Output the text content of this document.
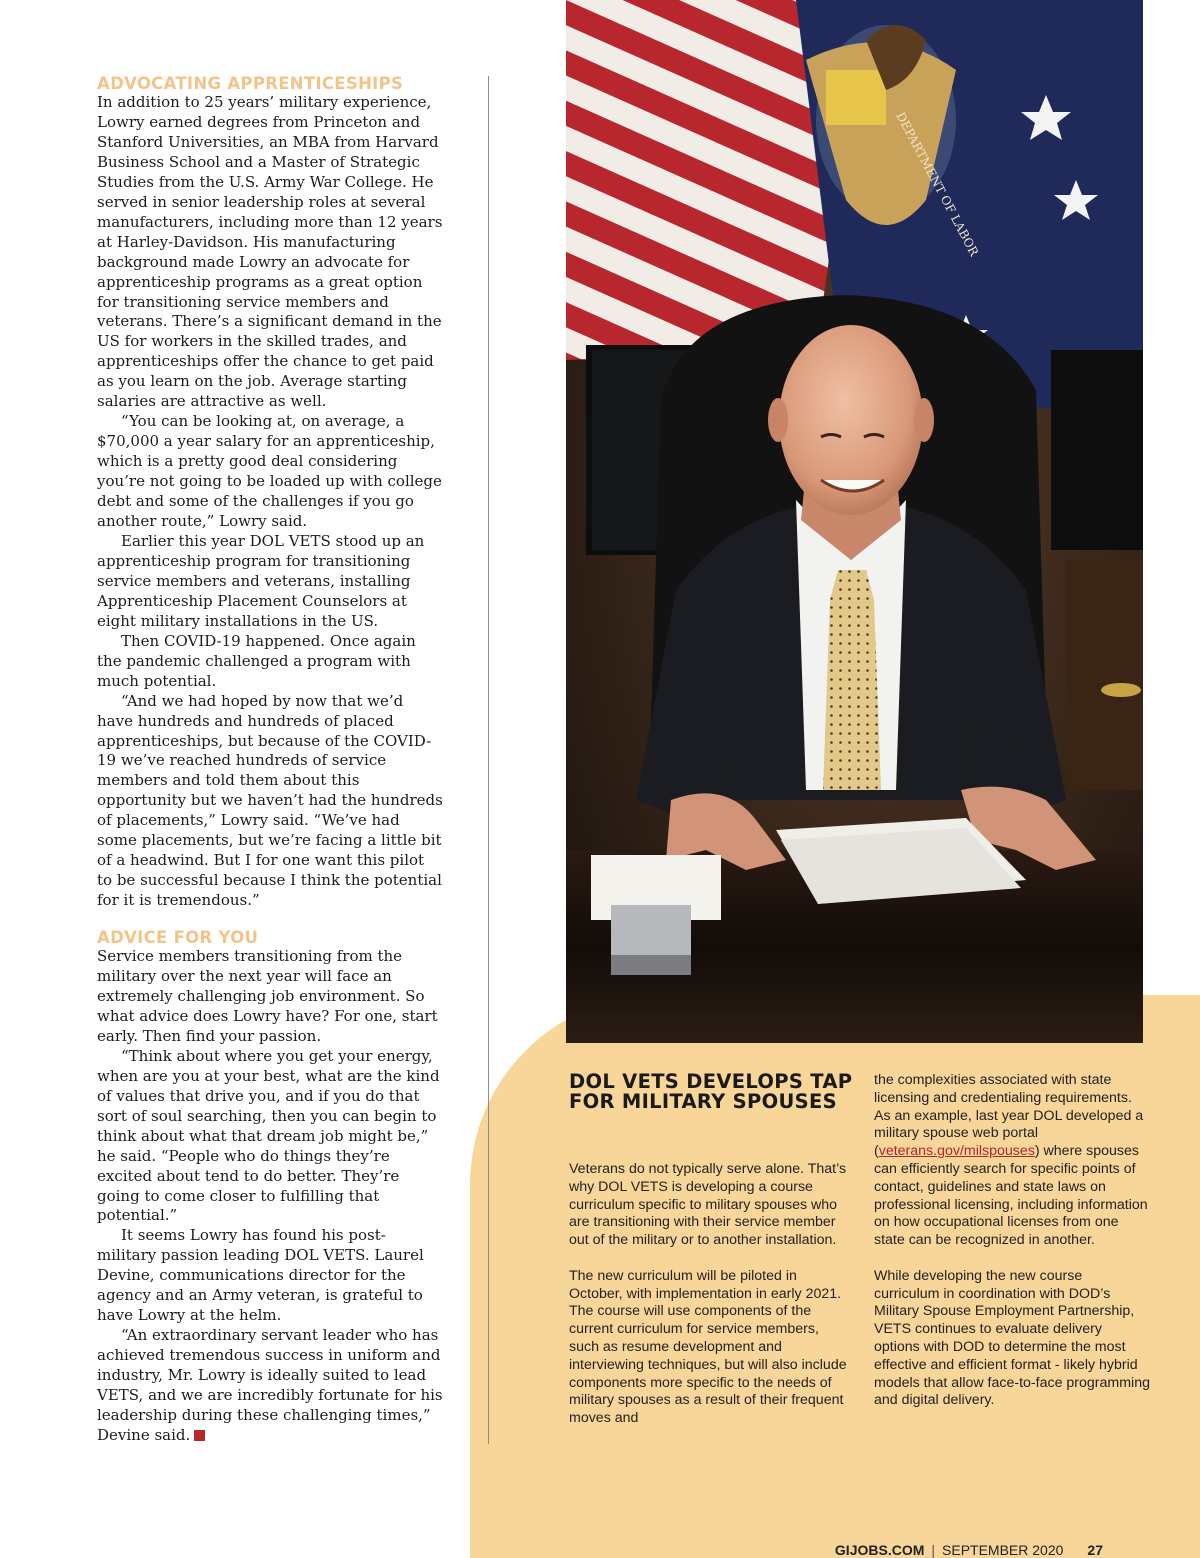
DEPARTMENT OF LABOR
ADVOCATING APPRENTICESHIPS

In addition to 25 years’ military experience, Lowry earned degrees from Princeton and Stanford Universities, an MBA from Harvard Business School and a Master of Strategic Studies from the U.S. Army War College. He served in senior leadership roles at several manufacturers, including more than 12 years at Harley-Davidson. His manufacturing background made Lowry an advocate for apprenticeship programs as a great option for transitioning service members and veterans. There’s a significant demand in the US for workers in the skilled trades, and apprenticeships offer the chance to get paid as you learn on the job. Average starting salaries are attractive as well.

“You can be looking at, on average, a $70,000 a year salary for an apprenticeship, which is a pretty good deal considering you’re not going to be loaded up with college debt and some of the challenges if you go another route,” Lowry said.

Earlier this year DOL VETS stood up an apprenticeship program for transitioning service members and veterans, installing Apprenticeship Placement Counselors at eight military installations in the US.

Then COVID-19 happened. Once again the pandemic challenged a program with much potential.

“And we had hoped by now that we’d have hundreds and hundreds of placed apprenticeships, but because of the COVID-19 we’ve reached hundreds of service members and told them about this opportunity but we haven’t had the hundreds of placements,” Lowry said. “We’ve had some placements, but we’re facing a little bit of a headwind. But I for one want this pilot to be successful because I think the potential for it is tremendous.”

ADVICE FOR YOU

Service members transitioning from the military over the next year will face an extremely challenging job environment. So what advice does Lowry have? For one, start early. Then find your passion.

“Think about where you get your energy, when are you at your best, what are the kind of values that drive you, and if you do that sort of soul searching, then you can begin to think about what that dream job might be,” he said. “People who do things they’re excited about tend to do better. They’re going to come closer to fulfilling that potential.”

It seems Lowry has found his post-military passion leading DOL VETS. Laurel Devine, communications director for the agency and an Army veteran, is grateful to have Lowry at the helm.

“An extraordinary servant leader who has achieved tremendous success in uniform and industry, Mr. Lowry is ideally suited to lead VETS, and we are incredibly fortunate for his leadership during these challenging times,” Devine said.	E

DOL VETS DEVELOPS TAP FOR MILITARY SPOUSES

Veterans do not typically serve alone. That’s why DOL VETS is developing a course curriculum specific to military spouses who are transitioning with their service member out of the military or to another installation.

The new curriculum will be piloted in October, with implementation in early 2021. The course will use components of the current curriculum for service members, such as resume development and interviewing techniques, but will also include components more specific to the needs of military spouses as a result of their frequent moves and

the complexities associated with state licensing and credentialing requirements. As an example, last year DOL developed a military spouse web portal (veterans.gov/milspouses) where spouses can efficiently search for specific points of contact, guidelines and state laws on professional licensing, including information on how occupational licenses from one state can be recognized in another.

While developing the new course curriculum in coordination with DOD’s Military Spouse Employment Partnership, VETS continues to evaluate delivery options with DOD to determine the most effective and efficient format - likely hybrid models that allow face-to-face programming and digital delivery.

GIJOBS.COM | SEPTEMBER 2020 27
